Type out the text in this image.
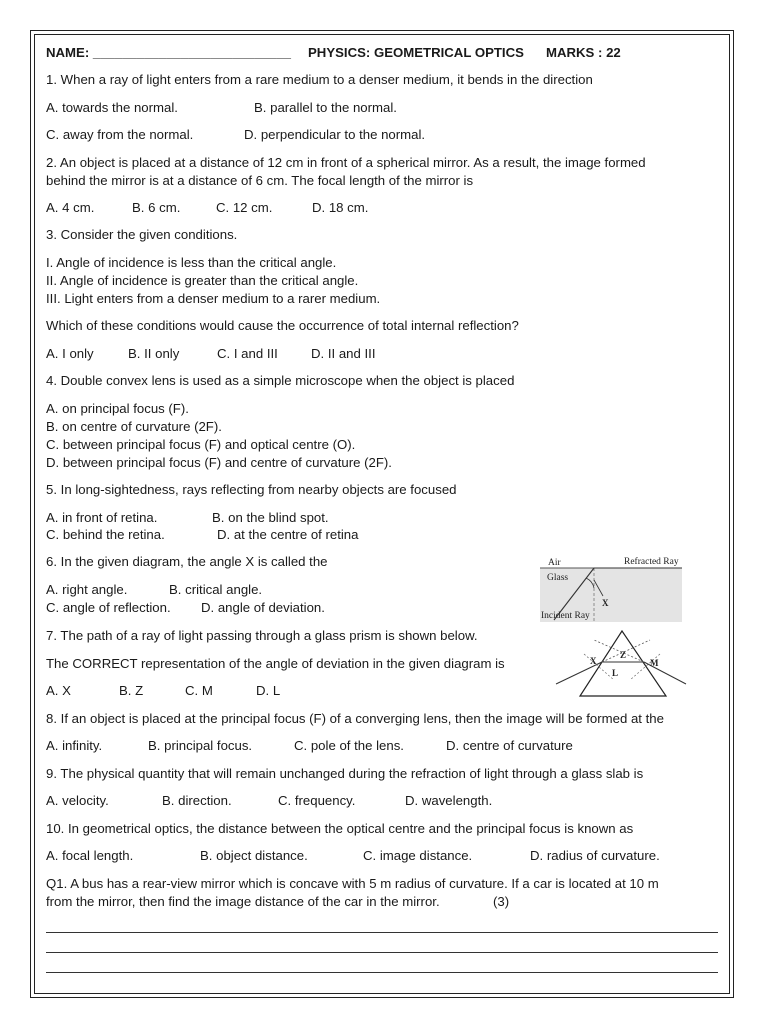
NAME: ___________________________ PHYSICS: GEOMETRICAL OPTICS MARKS : 22
1. When a ray of light enters from a rare medium to a denser medium, it bends in the direction
A. towards the normal.	B. parallel to the normal.
C. away from the normal.	D. perpendicular to the normal.
2. An object is placed at a distance of 12 cm in front of a spherical mirror. As a result, the image formed
behind the mirror is at a distance of 6 cm. The focal length of the mirror is
A. 4 cm.	B. 6 cm.	C. 12 cm.	D. 18 cm.
3. Consider the given conditions.
I. Angle of incidence is less than the critical angle.
II. Angle of incidence is greater than the critical angle.
III. Light enters from a denser medium to a rarer medium.
Which of these conditions would cause the occurrence of total internal reflection?
A. I only	B. II only	C. I and III	D. II and III
4. Double convex lens is used as a simple microscope when the object is placed
A. on principal focus (F).
B. on centre of curvature (2F).
C. between principal focus (F) and optical centre (O).
D. between principal focus (F) and centre of curvature (2F).
5. In long-sightedness, rays reflecting from nearby objects are focused
A. in front of retina.	B. on the blind spot.
C. behind the retina.	D. at the centre of retina
6. In the given diagram, the angle X is called the
A. right angle.	B. critical angle.
C. angle of reflection. D. angle of deviation.
Air
Glass
Refracted Ray
Incident Ray
X
7. The path of a ray of light passing through a glass prism is shown below.
The CORRECT representation of the angle of deviation in the given diagram is
A. X	B. Z	C. M	D. L
X
Z
M
L
8. If an object is placed at the principal focus (F) of a converging lens, then the image will be formed at the
A. infinity.	B. principal focus.	C. pole of the lens.	D. centre of curvature
9. The physical quantity that will remain unchanged during the refraction of light through a glass slab is
A. velocity.	B. direction.	C. frequency.	D. wavelength.
10. In geometrical optics, the distance between the optical centre and the principal focus is known as
A. focal length.	B. object distance.	C. image distance.	D. radius of curvature.
Q1. A bus has a rear-view mirror which is concave with 5 m radius of curvature. If a car is located at 10 m
from the mirror, then find the image distance of the car in the mirror.	(3)
